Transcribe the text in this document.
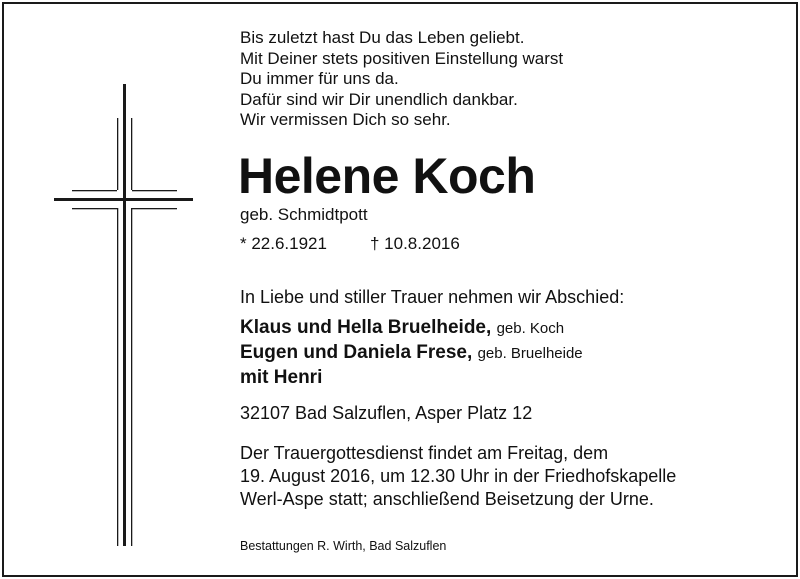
Bis zuletzt hast Du das Leben geliebt.
Mit Deiner stets positiven Einstellung warst
Du immer für uns da.
Dafür sind wir Dir unendlich dankbar.
Wir vermissen Dich so sehr.
Helene Koch
geb. Schmidtpott
* 22.6.1921	† 10.8.2016
In Liebe und stiller Trauer nehmen wir Abschied:
Klaus und Hella Bruelheide, geb. Koch
Eugen und Daniela Frese, geb. Bruelheide
mit Henri
32107 Bad Salzuflen, Asper Platz 12
Der Trauergottesdienst findet am Freitag, dem
19. August 2016, um 12.30 Uhr in der Friedhofskapelle
Werl-Aspe statt; anschließend Beisetzung der Urne.
Bestattungen R. Wirth, Bad Salzuflen
